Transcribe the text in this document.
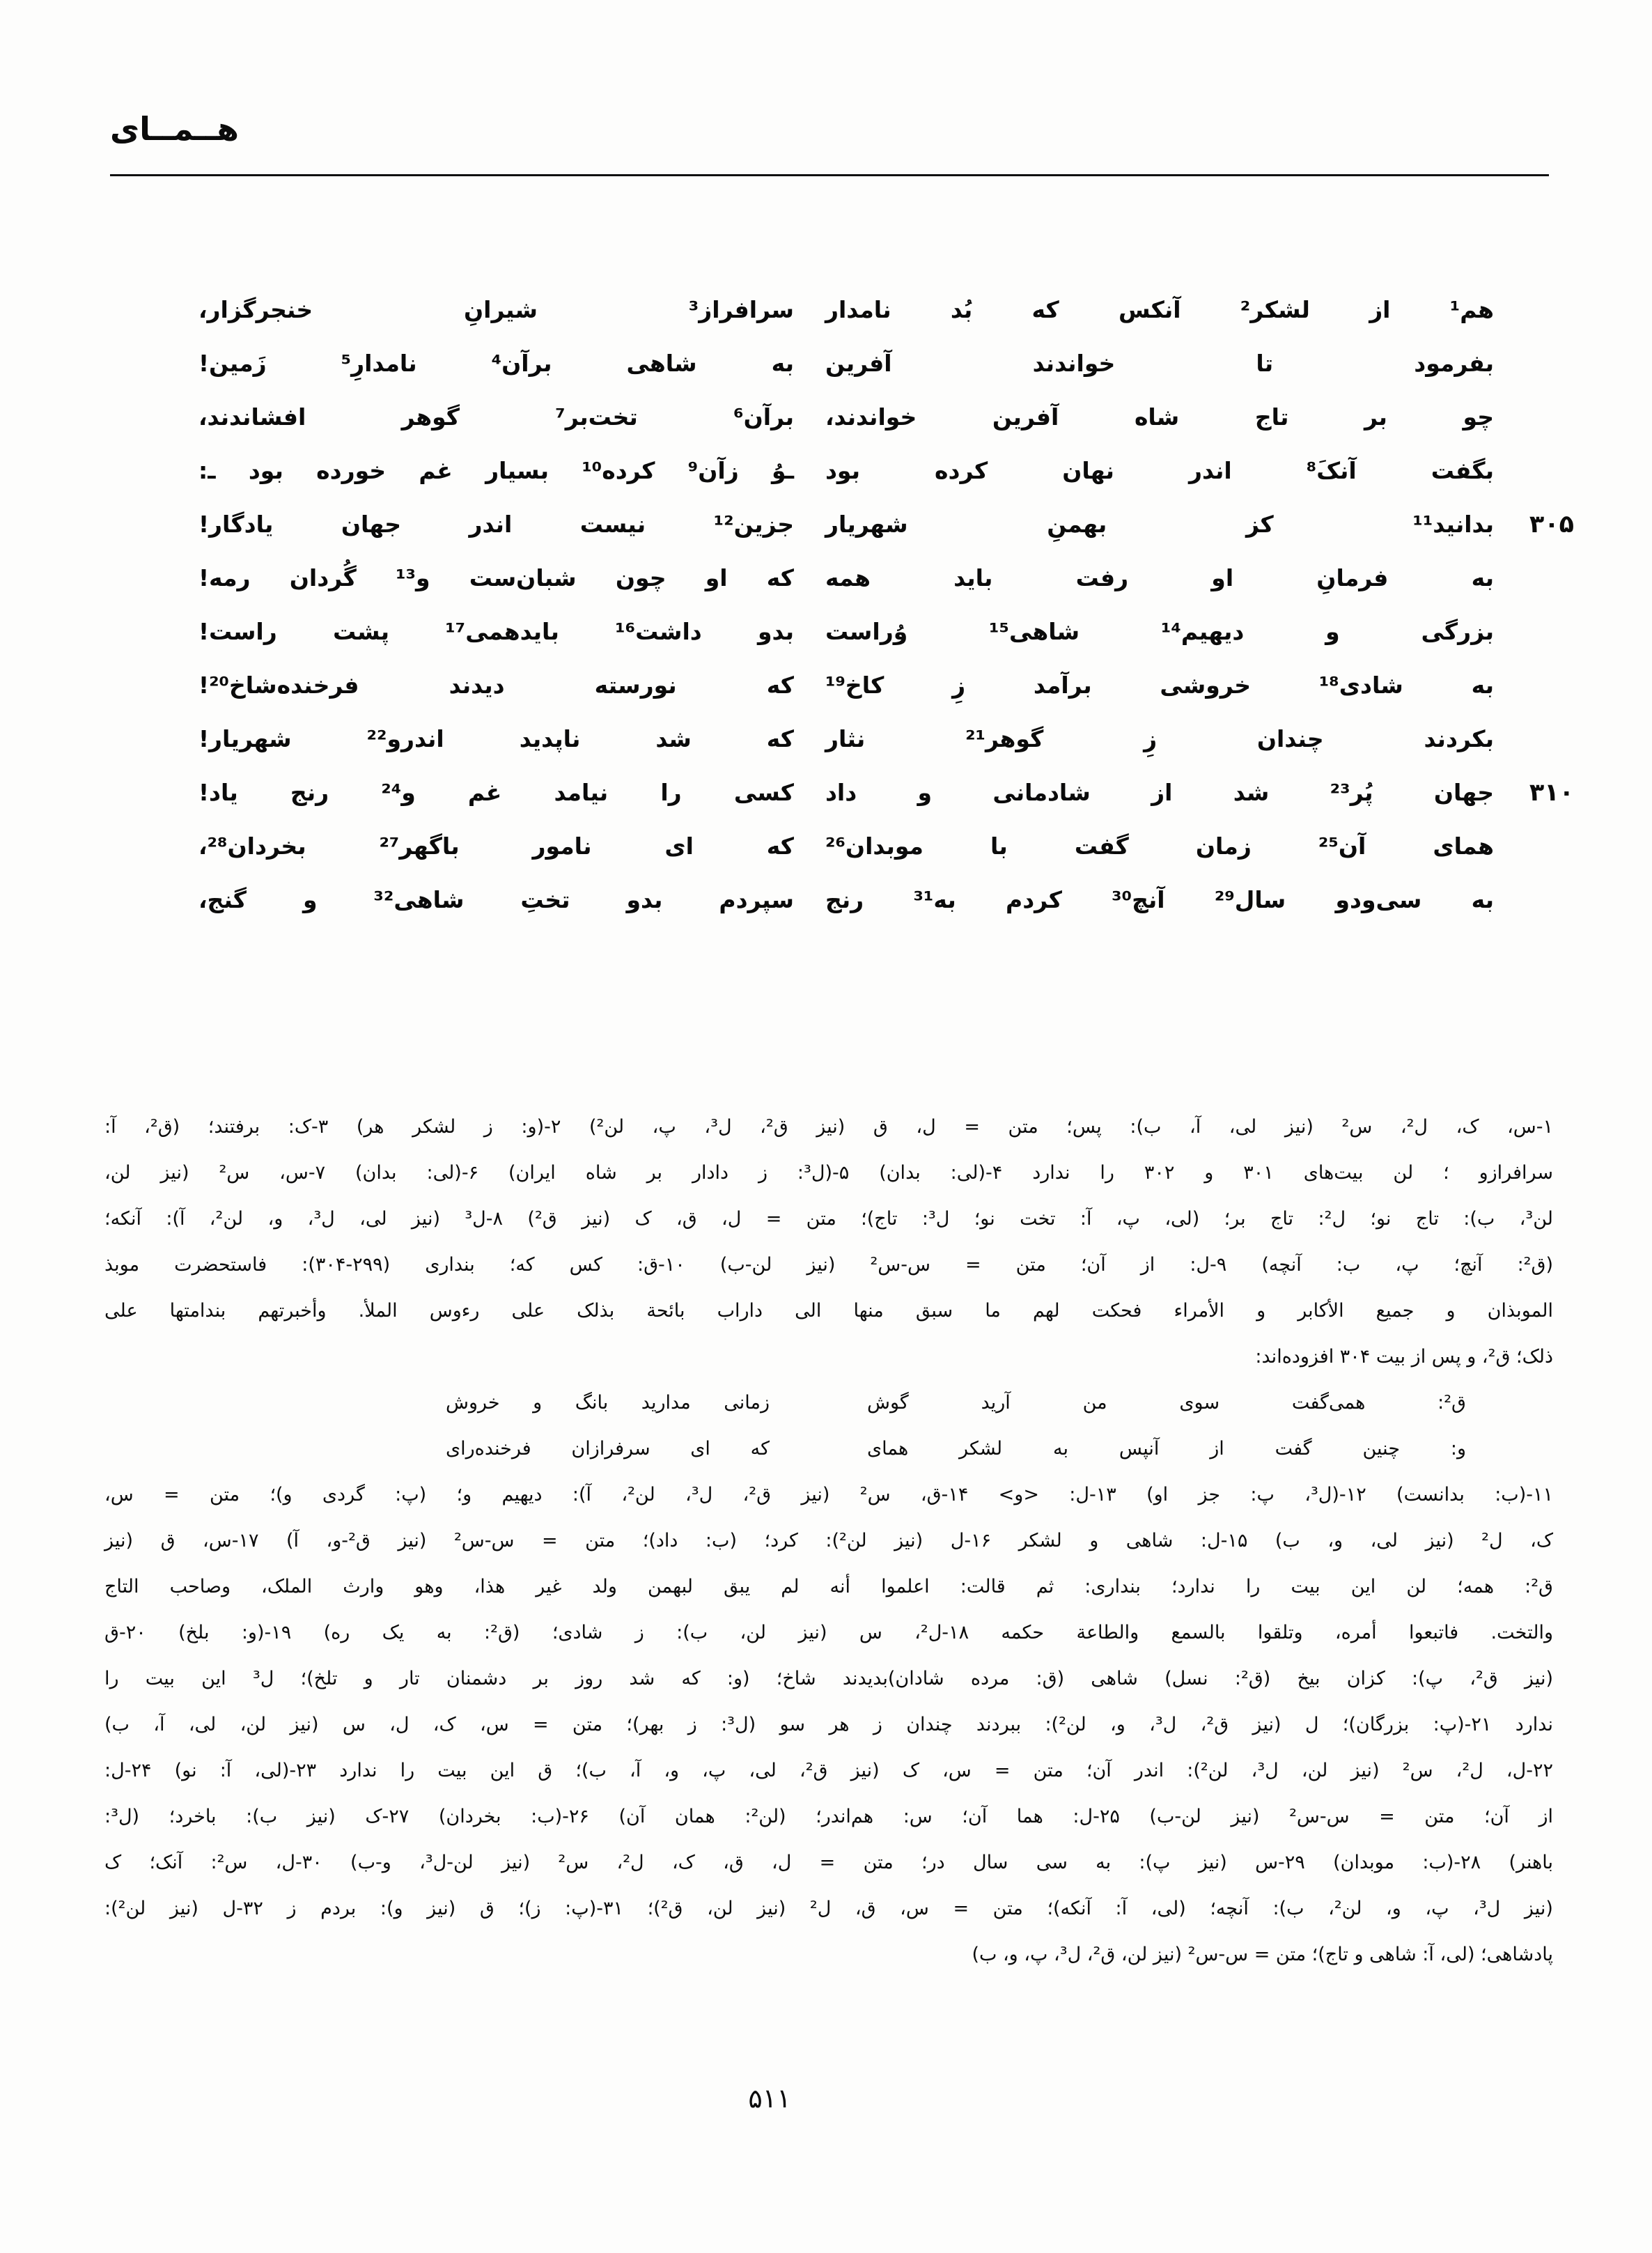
هــمــای
هم¹ از لشکر² آنکس که بُد نامدار
سرافراز³ شیرانِ خنجرگزار،
بفرمود تا خواندند آفرین
به شاهی برآن⁴ نامدارِ⁵ زَمین!
چو بر تاج شاه آفرین خواندند،
برآن⁶ تخت‌بر⁷ گوهر افشاندند،
بگفت آنکَ⁸ اندر نهان کرده بود
ـوُ زآن⁹ کرده¹⁰ بسیار غم خورده بود ـ:
۳۰۵
بدانید¹¹ کز بهمنِ شهریار
جزین¹² نیست اندر جهان یادگار!
به فرمانِ او رفت باید همه
که او چون شبان‌ست و¹³ گُردان رمه!
بزرگی و دیهیم¹⁴ شاهی¹⁵ وُراست
بدو داشت¹⁶ بایدهمی¹⁷ پشت راست!
به شادی¹⁸ خروشی برآمد زِ کاخ¹⁹
که نورسته دیدند فرخنده‌شاخ²⁰!
بکردند چندان زِ گوهر²¹ نثار
که شد ناپدید اندرو²² شهریار!
۳۱۰
جهان پُر²³ شد از شادمانی و داد
کسی را نیامد غم و²⁴ رنج یاد!
همای آن²⁵ زمان گفت با موبدان²⁶
که ای نامور باگهر²⁷ بخردان²⁸،
به سی‌ودو سال²⁹ آنچ³⁰ کردم به³¹ رنج
سپردم بدو تختِ شاهی³² و گنج،
۱-س، ک، ل²، س² (نیز لی، آ، ب): پس؛ متن = ل، ق (نیز ق²، ل³، پ، لن²) ۲-(و: ز لشکر هر) ۳-ک: برفتند؛ (ق²، آ:
سرافرازو ؛ لن بیت‌های ۳۰۱ و ۳۰۲ را ندارد ۴-(لی: بدان) ۵-(ل³: ز دادار بر شاه ایران) ۶-(لی: بدان) ۷-س، س² (نیز لن،
لن³، ب): تاج نو؛ ل²: تاج بر؛ (لی، پ، آ: تخت نو؛ ل³: تاج)؛ متن = ل، ق، ک (نیز ق²) ۸-ل³ (نیز لی، ل³، و، لن²، آ): آنکه؛
(ق²: آنچ؛ پ، ب: آنچه) ۹-ل: از آن؛ متن = س-س² (نیز لن-ب) ۱۰-ق: کس که؛ بنداری (۲۹۹-۳۰۴): فاستحضرت موبذ
الموبذان و جمیع الأکابر و الأمراء فحکت لهم ما سبق منها الی داراب بائحة بذلک علی رءوس الملأ. وأخبرتهم بندامتها علی
ذلک؛ ق²، و پس از بیت ۳۰۴ افزوده‌اند:
ق²: همی‌گفت سوی من آرید گوش
زمانی مدارید بانگ و خروش
و: چنین گفت از آنپس به لشکر همای
که ای سرفرازان فرخنده‌رای
۱۱-(ب: بدانست) ۱۲-(ل³، پ: جز او) ۱۳-ل: <و> ۱۴-ق، س² (نیز ق²، ل³، لن²، آ): دیهیم و؛ (پ: گردی و)؛ متن = س،
ک، ل² (نیز لی، و، ب) ۱۵-ل: شاهی و لشکر ۱۶-ل (نیز لن²): کرد؛ (ب: داد)؛ متن = س-س² (نیز ق²-و، آ) ۱۷-س، ق (نیز
ق²: همه؛ لن این بیت را ندارد؛ بنداری: ثم قالت: اعلموا أنه لم یبق لبهمن ولد غیر هذا، وهو وارث الملک، وصاحب التاج
والتخت. فاتبعوا أمره، وتلقوا بالسمع والطاعة حکمه ۱۸-ل²، س (نیز لن، ب): ز شادی؛ (ق²: به یک ره) ۱۹-(و: بلخ) ۲۰-ق
(نیز ق²، پ): کزان بیخ (ق²: نسل) شاهی (ق: مرده شادان)بدیدند شاخ؛ (و: که شد روز بر دشمنان تار و تلخ)؛ ل³ این بیت را
ندارد ۲۱-(پ: بزرگان)؛ ل (نیز ق²، ل³، و، لن²): ببردند چندان ز هر سو (ل³: ز بهر)؛ متن = س، ک، ل، س (نیز لن، لی، آ، ب)
۲۲-ل، ل²، س² (نیز لن، ل³، لن²): اندر آن؛ متن = س، ک (نیز ق²، لی، پ، و، آ، ب)؛ ق این بیت را ندارد ۲۳-(لی، آ: نو) ۲۴-ل:
از آن؛ متن = س-س² (نیز لن-ب) ۲۵-ل: هما آن؛ س: هم‌اندر؛ (لن²: همان آن) ۲۶-(ب: بخردان) ۲۷-ک (نیز ب): باخرد؛ (ل³:
باهنر) ۲۸-(ب: موبدان) ۲۹-س (نیز پ): به سی سال در؛ متن = ل، ق، ک، ل²، س² (نیز لن-ل³، و-ب) ۳۰-ل، س²: آنک؛ ک
(نیز ل³، پ، و، لن²، ب): آنچه؛ (لی، آ: آنکه)؛ متن = س، ق، ل² (نیز لن، ق²)؛ ۳۱-(پ: ز)؛ ق (نیز و): بردم ز ۳۲-ل (نیز لن²):
پادشاهی؛ (لی، آ: شاهی و تاج)؛ متن = س-س² (نیز لن، ق²، ل³، پ، و، ب)
۵۱۱
